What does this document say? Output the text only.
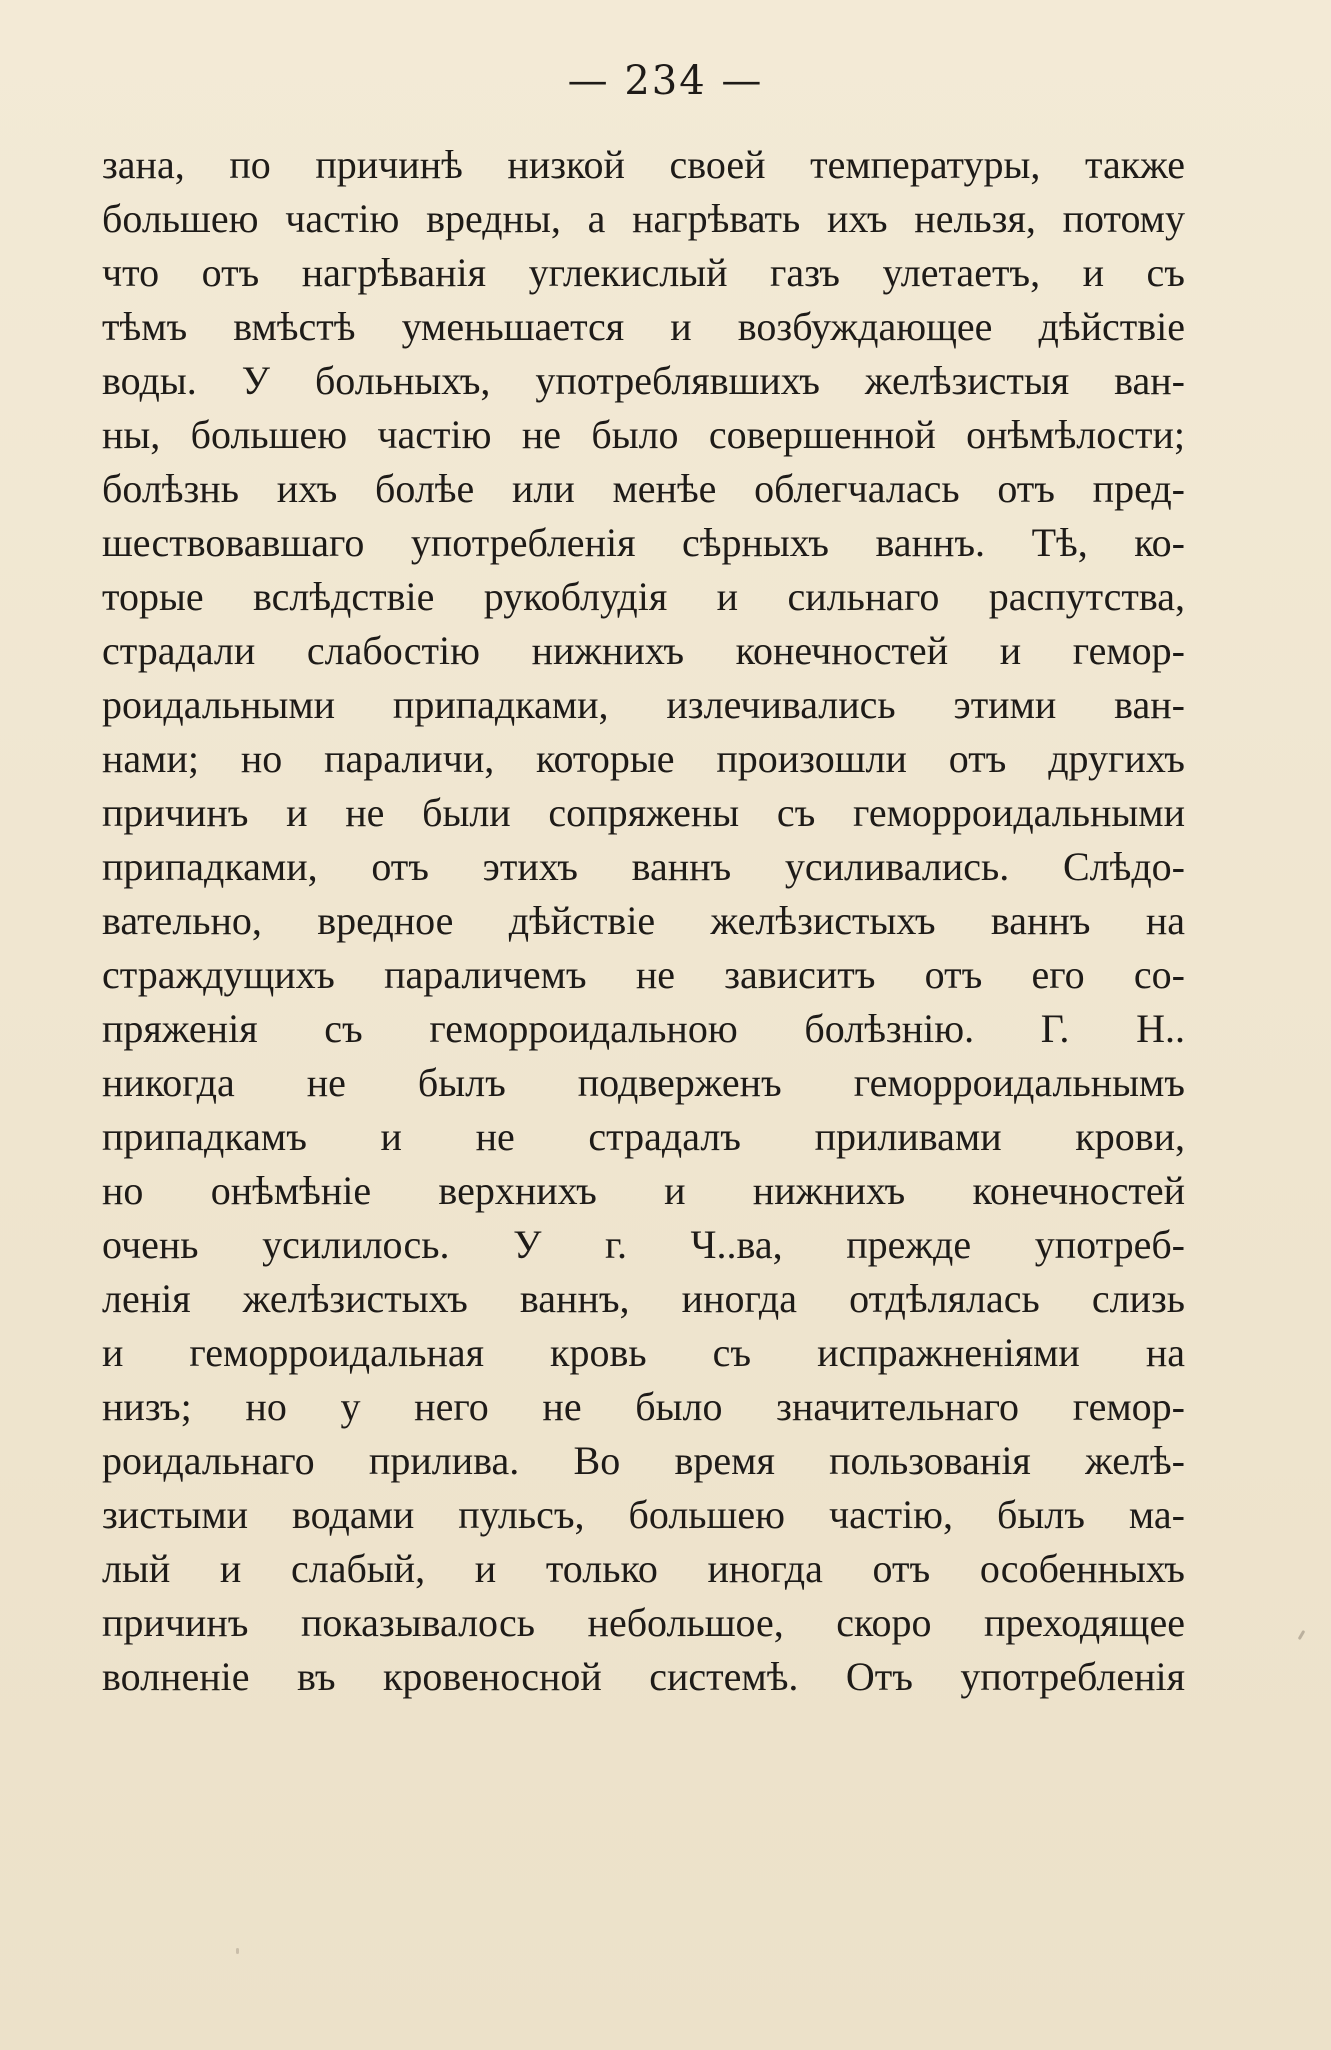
— 234 —
зана, по причинѣ низкой своей температуры, также
большею частію вредны, а нагрѣвать ихъ нельзя, потому
что отъ нагрѣванія углекислый газъ улетаетъ, и съ
тѣмъ вмѣстѣ уменьшается и возбуждающее дѣйствіе
воды. У больныхъ, употреблявшихъ желѣзистыя ван-
ны, большею частію не было совершенной онѣмѣлости;
болѣзнь ихъ болѣе или менѣе облегчалась отъ пред-
шествовавшаго употребленія сѣрныхъ ваннъ. Тѣ, ко-
торые вслѣдствіе рукоблудія и сильнаго распутства,
страдали слабостію нижнихъ конечностей и гемор-
роидальными припадками, излечивались этими ван-
нами; но параличи, которые произошли отъ другихъ
причинъ и не были сопряжены съ геморроидальными
припадками, отъ этихъ ваннъ усиливались. Слѣдо-
вательно, вредное дѣйствіе желѣзистыхъ ваннъ на
страждущихъ параличемъ не зависитъ отъ его со-
пряженія съ геморроидальною болѣзнію. Г. Н..
никогда не былъ подверженъ геморроидальнымъ
припадкамъ и не страдалъ приливами крови,
но онѣмѣніе верхнихъ и нижнихъ конечностей
очень усилилось. У г. Ч..ва, прежде употреб-
ленія желѣзистыхъ ваннъ, иногда отдѣлялась слизь
и геморроидальная кровь съ испражненіями на
низъ; но у него не было значительнаго гемор-
роидальнаго прилива. Во время пользованія желѣ-
зистыми водами пульсъ, большею частію, былъ ма-
лый и слабый, и только иногда отъ особенныхъ
причинъ показывалось небольшое, скоро преходящее
волненіе въ кровеносной системѣ. Отъ употребленія
